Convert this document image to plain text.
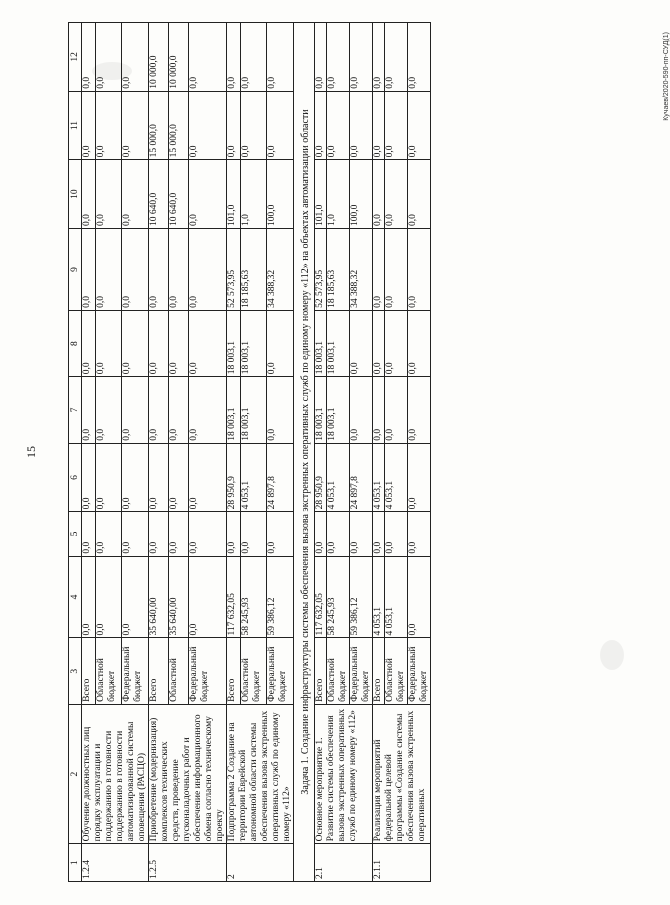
15
1	2	3	4	5	6	7	8	9	10	11	12
1.2.4	Обучение должностных лиц порядку эксплуатации и поддержанию в готовности поддержанию в готовности автоматизированной системы оповещения (РАСЦО)	Всего	0,0	0,0	0,0	0,0	0,0	0,0	0,0	0,0	0,0
		Областной бюджет	0,0	0,0	0,0	0,0	0,0	0,0	0,0	0,0	0,0
		Федеральный бюджет	0,0	0,0	0,0	0,0	0,0	0,0	0,0	0,0	0,0
1.2.5	Приобретение (модернизация) комплексов технических средств, проведение пусконаладочных работ и обеспечение информационного обмена согласно техническому проекту	Всего	35 640,00	0,0	0,0	0,0	0,0	0,0	10 640,0	15 000,0	10 000,0
		Областной	35 640,00	0,0	0,0	0,0	0,0	0,0	10 640,0	15 000,0	10 000,0
		Федеральный бюджет	0,0	0,0	0,0	0,0	0,0	0,0	0,0	0,0	0,0
2	Подпрограмма 2 Создание на территории Еврейской автономной области системы обеспечения вызова экстренных оперативных служб по единому номеру «112»	Всего	117 632,05	0,0	28 950,9	18 003,1	18 003,1	52 573,95	101,0	0,0	0,0
		Областной бюджет	58 245,93	0,0	4 053,1	18 003,1	18 003,1	18 185,63	1,0	0,0	0,0
		Федеральный бюджет	59 386,12	0,0	24 897,8	0,0	0,0	34 388,32	100,0	0,0	0,0
Задача 1. Создание инфраструктуры системы обеспечения вызова экстренных оперативных служб по единому номеру «112» на объектах автоматизации области											
2.1	Основное мероприятие 1. Развитие системы обеспечения вызова экстренных оперативных служб по единому номеру «112»	Всего	117 632,05	0,0	28 950,9	18 003,1	18 003,1	52 573,95	101,0	0,0	0,0
		Областной бюджет	58 245,93	0,0	4 053,1	18 003,1	18 003,1	18 185,63	1,0	0,0	0,0
		Федеральный бюджет	59 386,12	0,0	24 897,8	0,0	0,0	34 388,32	100,0	0,0	0,0
2.1.1	Реализация мероприятий федеральной целевой программы «Создание системы обеспечения вызова экстренных оперативных	Всего	4 053,1	0,0	4 053,1	0,0	0,0	0,0	0,0	0,0	0,0
		Областной бюджет	4 053,1	0,0	4 053,1	0,0	0,0	0,0	0,0	0,0	0,0
		Федеральный бюджет	0,0	0,0	0,0	0,0	0,0	0,0	0,0	0,0	0,0	Кучаев/2020-590-пп-СУД(1)
